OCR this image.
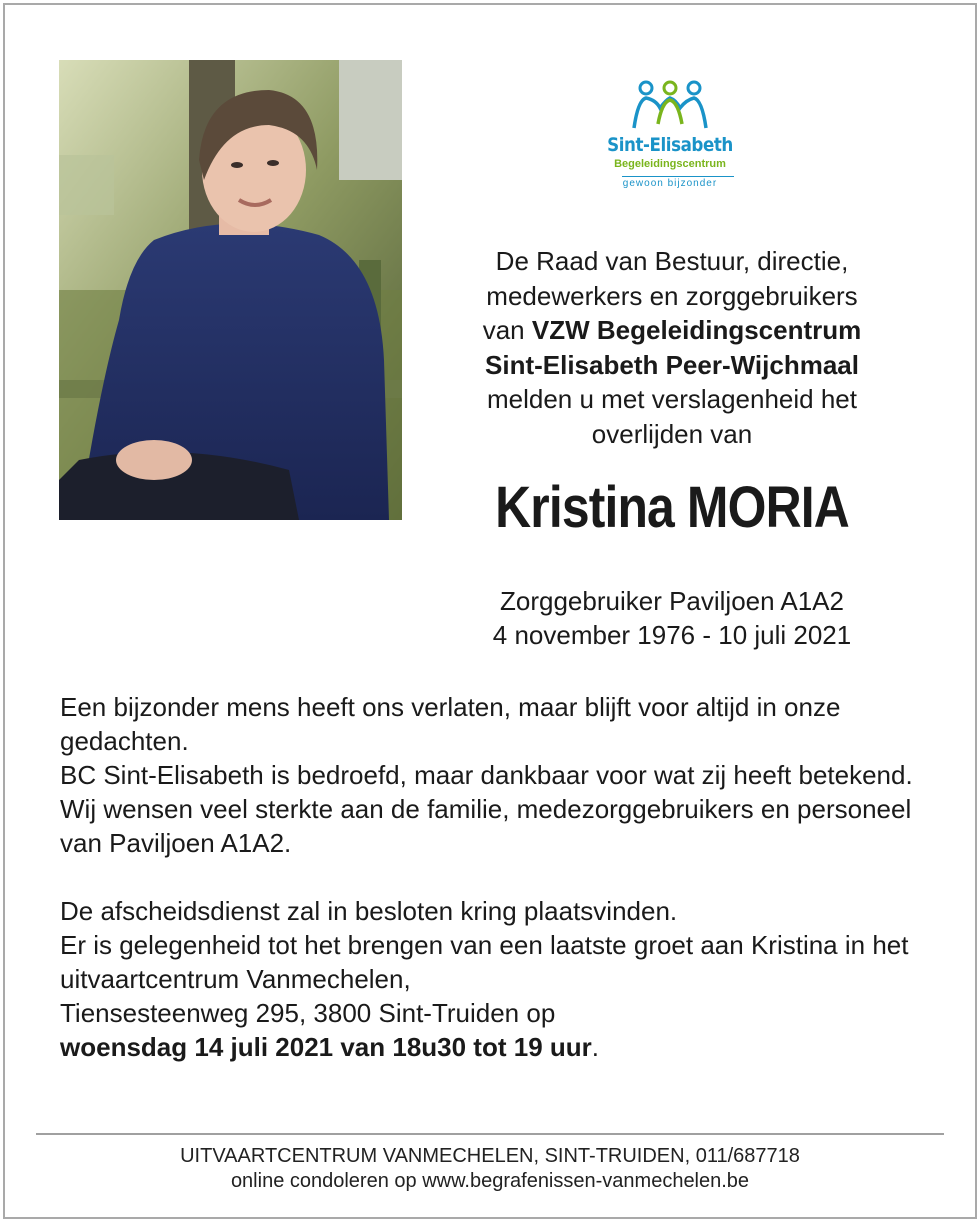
Sint-Elisabeth
Begeleidingscentrum
gewoon bijzonder
De Raad van Bestuur, directie,
medewerkers en zorggebruikers
van VZW Begeleidingscentrum
Sint-Elisabeth Peer-Wijchmaal
melden u met verslagenheid het
overlijden van
Kristina MORIA
Zorggebruiker Paviljoen A1A2
4 november 1976 - 10 juli 2021

Een bijzonder mens heeft ons verlaten, maar blijft voor altijd in onze gedachten.

BC Sint-Elisabeth is bedroefd, maar dankbaar voor wat zij heeft betekend.

Wij wensen veel sterkte aan de familie, medezorggebruikers en personeel van Paviljoen A1A2.

De afscheidsdienst zal in besloten kring plaatsvinden.

Er is gelegenheid tot het brengen van een laatste groet aan Kristina in het uitvaartcentrum Vanmechelen,

Tiensesteenweg 295, 3800 Sint-Truiden op

woensdag 14 juli 2021 van 18u30 tot 19 uur.

UITVAARTCENTRUM VANMECHELEN, SINT-TRUIDEN, 011/687718
online condoleren op www.begrafenissen-vanmechelen.be
